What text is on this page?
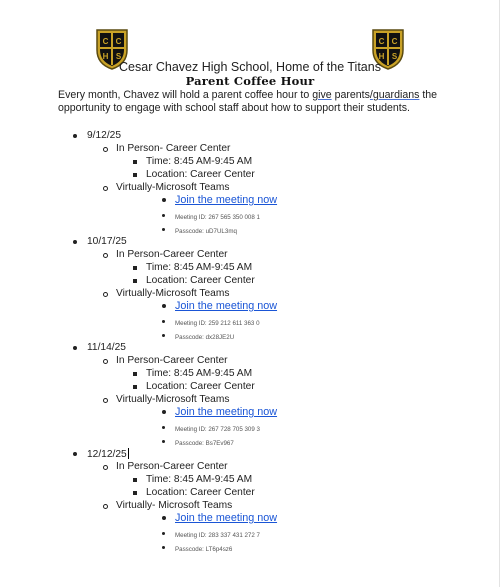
C C
H S
C C
H S
Cesar Chavez High School, Home of the Titans
Parent Coffee Hour
Every month, Chavez will hold a parent coffee hour to give parents/guardians the
opportunity to engage with school staff about how to support their students.
9/12/25
In Person- Career Center
Time: 8:45 AM-9:45 AM
Location: Career Center
Virtually-Microsoft Teams
Join the meeting now
Meeting ID: 267 565 350 008 1
Passcode: uD7UL3mq
10/17/25
In Person-Career Center
Time: 8:45 AM-9:45 AM
Location: Career Center
Virtually-Microsoft Teams
Join the meeting now
Meeting ID: 259 212 611 363 0
Passcode: dx28JE2U
11/14/25
In Person-Career Center
Time: 8:45 AM-9:45 AM
Location: Career Center
Virtually-Microsoft Teams
Join the meeting now
Meeting ID: 267 728 705 309 3
Passcode: Bs7Ev967
12/12/25
In Person-Career Center
Time: 8:45 AM-9:45 AM
Location: Career Center
Virtually- Microsoft Teams
Join the meeting now
Meeting ID: 283 337 431 272 7
Passcode: LT6p4sz6
